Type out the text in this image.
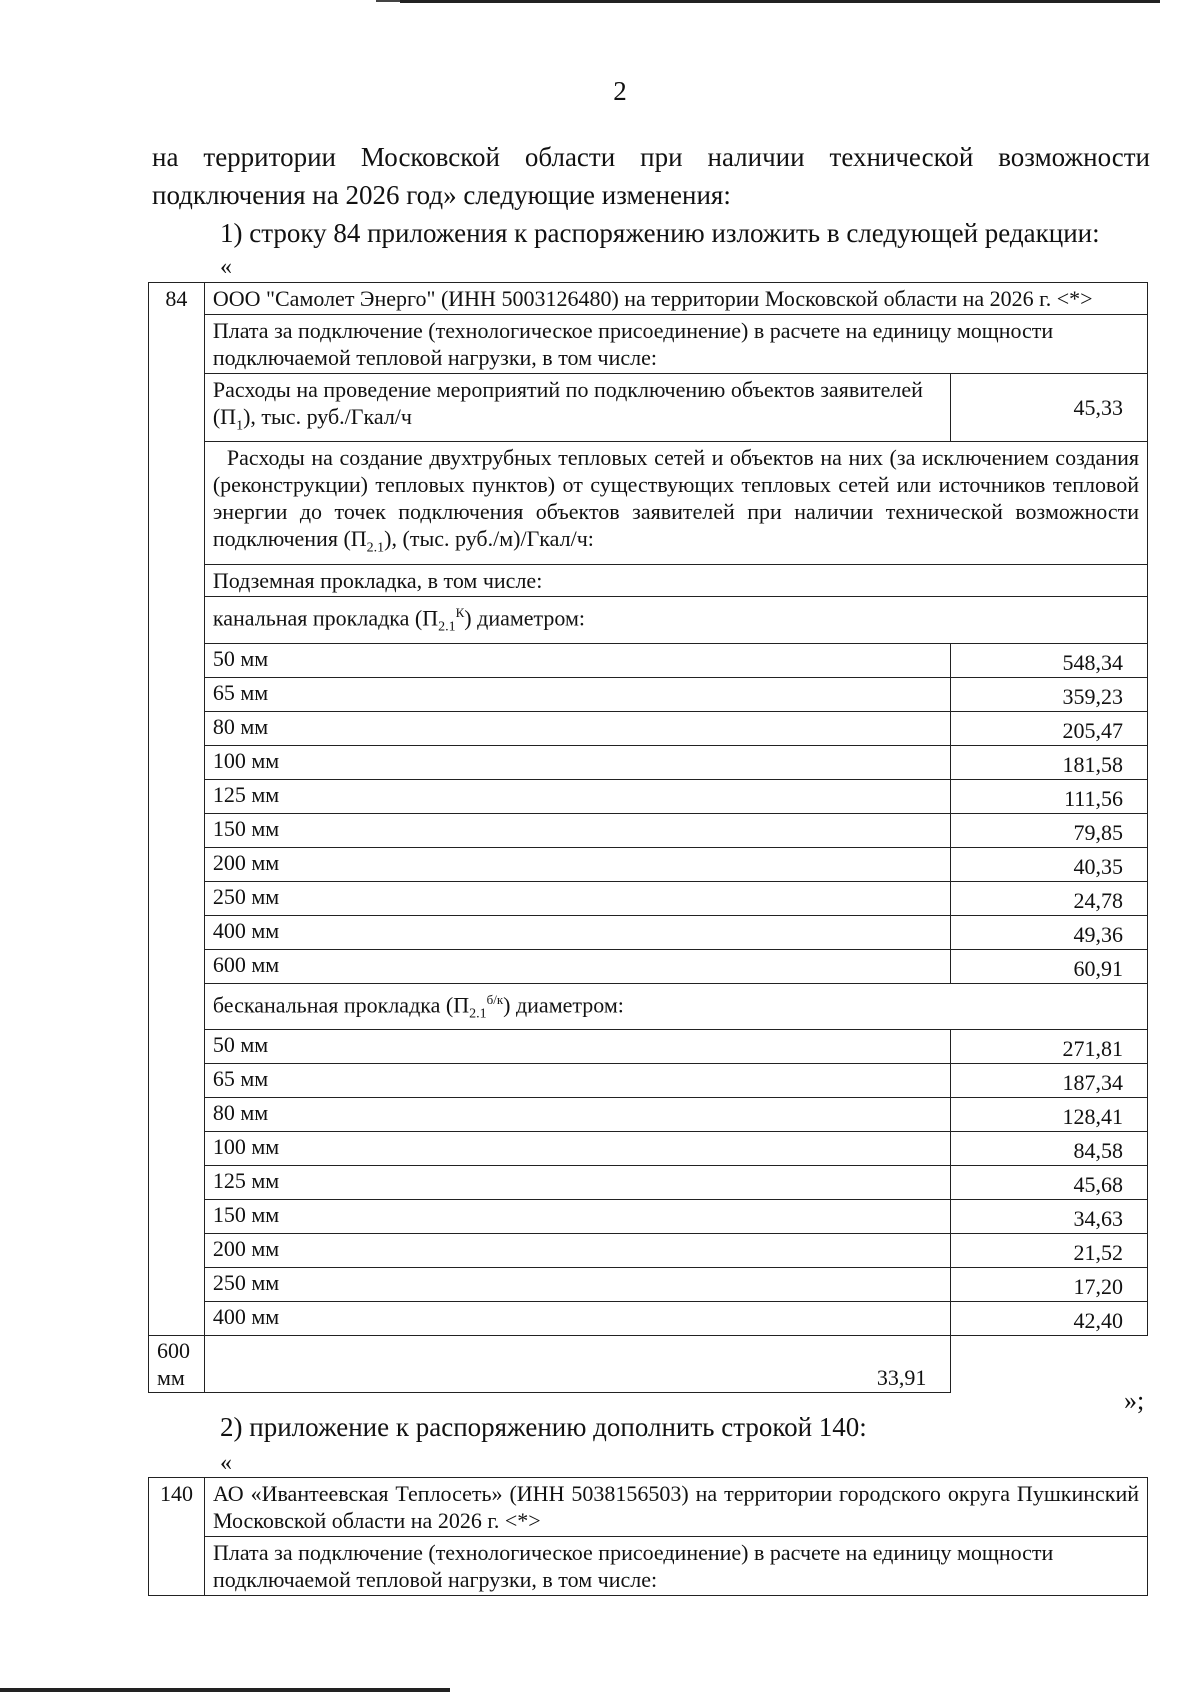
2

на территории Московской области при наличии технической возможности
подключения на 2026 год» следующие изменения:

1) строку 84 приложения к распоряжению изложить в следующей редакции:
«
84	ООО "Самолет Энерго" (ИНН 5003126480) на территории Московской области на 2026 г. <*>	
	Плата за подключение (технологическое присоединение) в расчете на единицу мощности подключаемой тепловой нагрузки, в том числе:	
	Расходы на проведение мероприятий по подключению объектов заявителей $(П_1)$, тыс. руб./Гкал/ч	45,33
	Расходы на создание двухтрубных тепловых сетей и объектов на них (за исключением создания (реконструкции) тепловых пунктов) от существующих тепловых сетей или источников тепловой энергии до точек подключения объектов заявителей при наличии технической возможности подключения $(П_{2.1})$, (тыс. руб./м)/Гкал/ч:	
	Подземная прокладка, в том числе:	
	канальная прокладка $(П_{2.1}^К)$ диаметром:	
	50 мм	548,34
	65 мм	359,23
	80 мм	205,47
	100 мм	181,58
	125 мм	111,56
	150 мм	79,85
	200 мм	40,35
	250 мм	24,78
	400 мм	49,36
	600 мм	60,91
	бесканальная прокладка $(П_{2.1}^{б/к})$ диаметром:	
	50 мм	271,81
	65 мм	187,34
	80 мм	128,41
	100 мм	84,58
	125 мм	45,68
	150 мм	34,63
	200 мм	21,52
	250 мм	17,20
	400 мм	42,40
600 мм	33,91	
»;
2) приложение к распоряжению дополнить строкой 140:
«
140	АО «Ивантеевская Теплосеть» (ИНН 5038156503) на территории городского округа Пушкинский Московской области на 2026 г. <*>
Плата за подключение (технологическое присоединение) в расчете на единицу мощности подключаемой тепловой нагрузки, в том числе:
